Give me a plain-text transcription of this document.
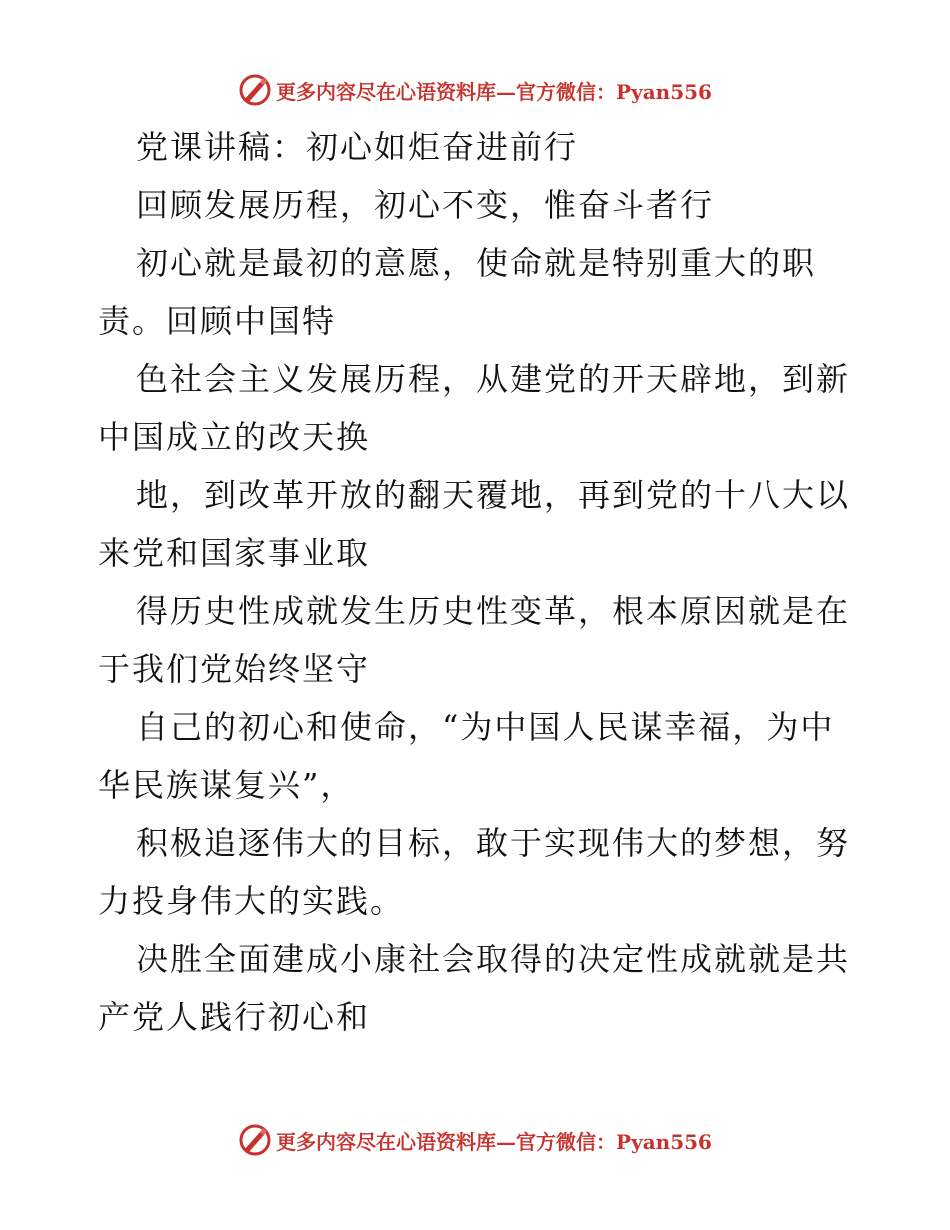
更多内容尽在心语资料库—官方微信：Pyan556
党课讲稿：初心如炬奋进前行
回顾发展历程，初心不变，惟奋斗者行
初心就是最初的意愿，使命就是特别重大的职
责。回顾中国特
色社会主义发展历程，从建党的开天辟地，到新
中国成立的改天换
地，到改革开放的翻天覆地，再到党的十八大以
来党和国家事业取
得历史性成就发生历史性变革，根本原因就是在
于我们党始终坚守
自己的初心和使命，“为中国人民谋幸福，为中
华民族谋复兴”，
积极追逐伟大的目标，敢于实现伟大的梦想，努
力投身伟大的实践。
决胜全面建成小康社会取得的决定性成就就是共
产党人践行初心和
更多内容尽在心语资料库—官方微信：Pyan556
